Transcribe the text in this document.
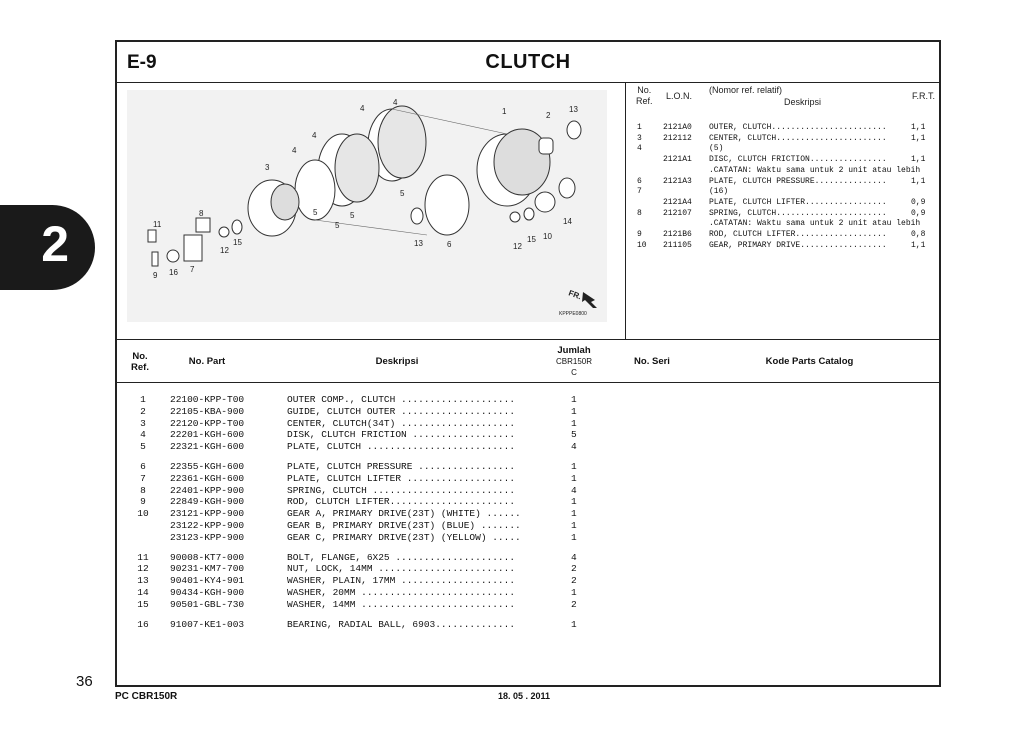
2
36
E-9	CLUTCH
1	2
3
4
4
4
4
5
5
5
5
6
7
8
9
10
11
12	12
13
13
14
15	15
16
FR.
KPPPE0800
No.
Ref. L.O.N.
(Nomor ref. relatif)
Deskripsi
F.R.T.
1	2121A0 OUTER, CLUTCH........................	1,1
3	212112 CENTER, CLUTCH.......................	1,1
4	(5)
2121A1 DISC, CLUTCH FRICTION................	1,1
.CATATAN: Waktu sama untuk 2 unit atau lebih
6	2121A3 PLATE, CLUTCH PRESSURE...............	1,1
7	(16)
2121A4 PLATE, CLUTCH LIFTER.................	0,9
8	212107 SPRING, CLUTCH.......................	0,9
.CATATAN: Waktu sama untuk 2 unit atau lebih
9	2121B6 ROD, CLUTCH LIFTER...................	0,8
10 211105 GEAR, PRIMARY DRIVE..................	1,1
No.
Ref.
No. Part	Deskripsi
Jumlah
CBR150R
C
No. Seri	Kode Parts Catalog
1	22100-KPP-T00	OUTER COMP., CLUTCH ....................	1
2	22105-KBA-900	GUIDE, CLUTCH OUTER ....................	1
3	22120-KPP-T00	CENTER, CLUTCH(34T) ....................	1
4	22201-KGH-600	DISK, CLUTCH FRICTION ..................	5
5	22321-KGH-600	PLATE, CLUTCH ..........................	4
6	22355-KGH-600	PLATE, CLUTCH PRESSURE .................	1
7	22361-KGH-600	PLATE, CLUTCH LIFTER ...................	1
8	22401-KPP-900	SPRING, CLUTCH .........................	4
9	22849-KGH-900	ROD, CLUTCH LIFTER......................	1
10 23121-KPP-900	GEAR A, PRIMARY DRIVE(23T) (WHITE) ......	1
23122-KPP-900	GEAR B, PRIMARY DRIVE(23T) (BLUE) .......	1
23123-KPP-900	GEAR C, PRIMARY DRIVE(23T) (YELLOW) .....	1
11 90008-KT7-000	BOLT, FLANGE, 6X25 .....................	4
12 90231-KM7-700	NUT, LOCK, 14MM ........................	2
13 90401-KY4-901	WASHER, PLAIN, 17MM ....................	2
14 90434-KGH-900	WASHER, 20MM ...........................	1
15 90501-GBL-730	WASHER, 14MM ...........................	2
16 91007-KE1-003	BEARING, RADIAL BALL, 6903..............	1
PC CBR150R	18. 05 . 2011
